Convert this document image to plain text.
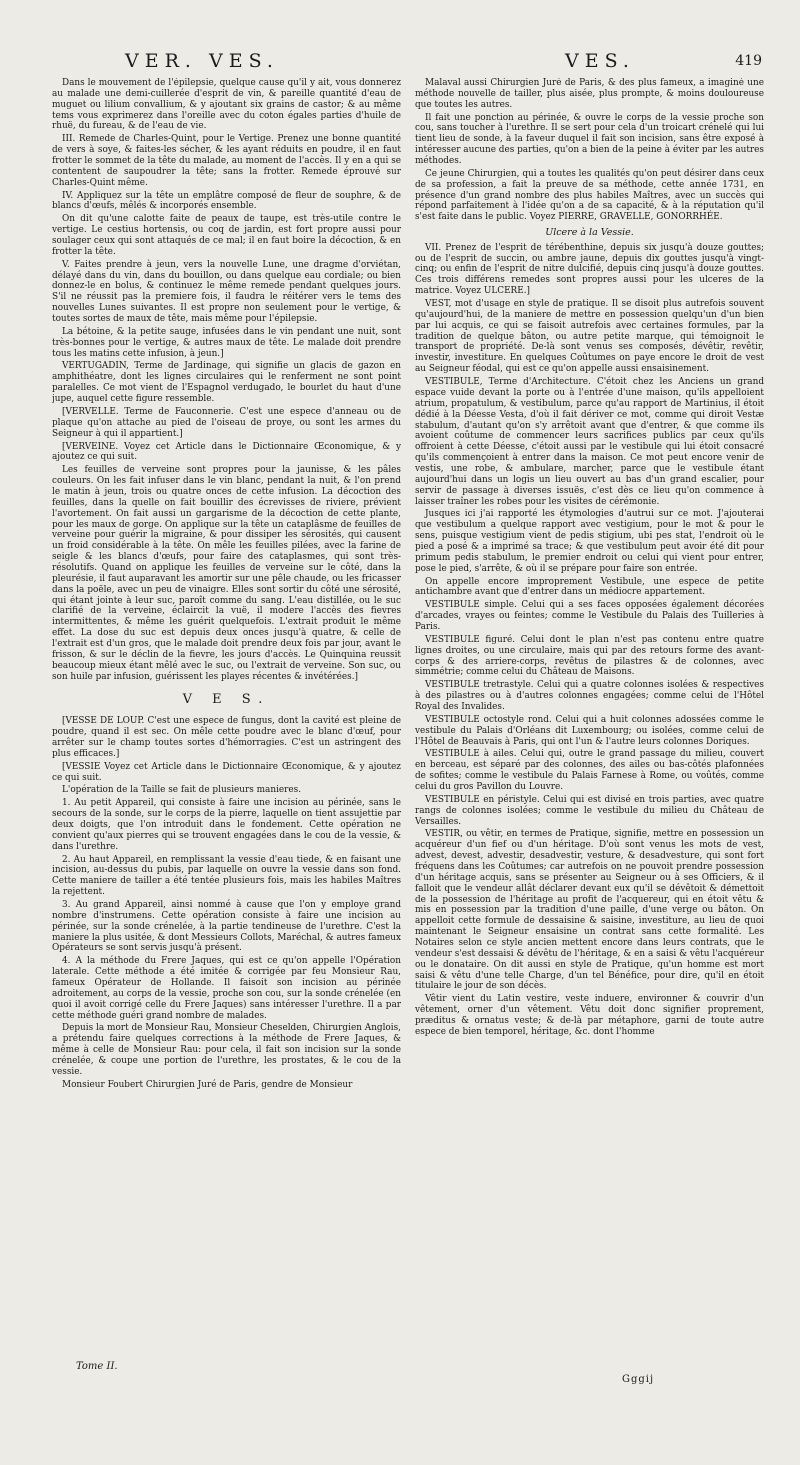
VER. VES.	VES.	419

Dans le mouvement de l'épilepsie, quelque cause qu'il y ait, vous donnerez au malade une demi-cuillerée d'esprit de vin, & pareille quantité d'eau de muguet ou lilium convallium, & y ajoutant six grains de castor; & au même tems vous exprimerez dans l'oreille avec du coton égales parties d'huile de rhuë, du fureau, & de l'eau de vie.

III. Remede de Charles-Quint, pour le Vertige. Prenez une bonne quantité de vers à soye, & faites-les sécher, & les ayant réduits en poudre, il en faut frotter le sommet de la tête du malade, au moment de l'accès. Il y en a qui se contentent de saupoudrer la tête; sans la frotter. Remede éprouvé sur Charles-Quint même.

IV. Appliquez sur la tête un emplâtre composé de fleur de souphre, & de blancs d'œufs, mêlés & incorporés ensemble.

On dit qu'une calotte faite de peaux de taupe, est très-utile contre le vertige. Le cestius hortensis, ou coq de jardin, est fort propre aussi pour soulager ceux qui sont attaqués de ce mal; il en faut boire la décoction, & en frotter la tête.

V. Faites prendre à jeun, vers la nouvelle Lune, une dragme d'orviétan, délayé dans du vin, dans du bouillon, ou dans quelque eau cordiale; ou bien donnez-le en bolus, & continuez le même remede pendant quelques jours. S'il ne réussit pas la premiere fois, il faudra le réitérer vers le tems des nouvelles Lunes suivantes. Il est propre non seulement pour le vertige, & toutes sortes de maux de tête, mais même pour l'épilepsie.

La bétoine, & la petite sauge, infusées dans le vin pendant une nuit, sont très-bonnes pour le vertige, & autres maux de tête. Le malade doit prendre tous les matins cette infusion, à jeun.]

VERTUGADIN, Terme de Jardinage, qui signifie un glacis de gazon en amphithéatre, dont les lignes circulaires qui le renferment ne sont point paralelles. Ce mot vient de l'Espagnol verdugado, le bourlet du haut d'une jupe, auquel cette figure ressemble.

[VERVELLE. Terme de Fauconnerie. C'est une espece d'anneau ou de plaque qu'on attache au pied de l'oiseau de proye, ou sont les armes du Seigneur à qui il appartient.]

[VERVEINE. Voyez cet Article dans le Dictionnaire Œconomique, & y ajoutez ce qui suit.

Les feuilles de verveine sont propres pour la jaunisse, & les pâles couleurs. On les fait infuser dans le vin blanc, pendant la nuit, & l'on prend le matin à jeun, trois ou quatre onces de cette infusion. La décoction des feuilles, dans la quelle on fait bouillir des écrevisses de riviere, prévient l'avortement. On fait aussi un gargarisme de la décoction de cette plante, pour les maux de gorge. On applique sur la tête un cataplâsme de feuilles de verveine pour guérir la migraine, & pour dissiper les sérosités, qui causent un froid considérable à la tête. On mêle les feuilles pilées, avec la farine de seigle & les blancs d'œufs, pour faire des cataplasmes, qui sont très-résolutifs. Quand on applique les feuilles de verveine sur le côté, dans la pleurésie, il faut auparavant les amortir sur une pêle chaude, ou les fricasser dans la poële, avec un peu de vinaigre. Elles sont sortir du côté une sérosité, qui étant jointe à leur suc, paroît comme du sang. L'eau distillée, ou le suc clarifié de la verveine, éclaircit la vuë, il modere l'accès des fievres intermittentes, & même les guérit quelquefois. L'extrait produit le même effet. La dose du suc est depuis deux onces jusqu'à quatre, & celle de l'extrait est d'un gros, que le malade doit prendre deux fois par jour, avant le frisson, & sur le déclin de la fievre, les jours d'accès. Le Quinquina reussit beaucoup mieux étant mêlé avec le suc, ou l'extrait de verveine. Son suc, ou son huile par infusion, guérissent les playes récentes & invétérées.]

V E S.

[VESSE DE LOUP. C'est une espece de fungus, dont la cavité est pleine de poudre, quand il est sec. On mêle cette poudre avec le blanc d'œuf, pour arrêter sur le champ toutes sortes d'hémorragies. C'est un astringent des plus efficaces.]

[VESSIE Voyez cet Article dans le Dictionnaire Œconomique, & y ajoutez ce qui suit.

L'opération de la Taille se fait de plusieurs manieres.

1. Au petit Appareil, qui consiste à faire une incision au périnée, sans le secours de la sonde, sur le corps de la pierre, laquelle on tient assujettie par deux doigts, que l'on introduit dans le fondement. Cette opération ne convient qu'aux pierres qui se trouvent engagées dans le cou de la vessie, & dans l'urethre.

2. Au haut Appareil, en remplissant la vessie d'eau tiede, & en faisant une incision, au-dessus du pubis, par laquelle on ouvre la vessie dans son fond. Cette maniere de tailler a été tentée plusieurs fois, mais les habiles Maîtres la rejettent.

3. Au grand Appareil, ainsi nommé à cause que l'on y employe grand nombre d'instrumens. Cette opération consiste à faire une incision au périnée, sur la sonde crénelée, à la partie tendineuse de l'urethre. C'est la maniere la plus usitée, & dont Messieurs Collots, Maréchal, & autres fameux Opérateurs se sont servis jusqu'à présent.

4. A la méthode du Frere Jaques, qui est ce qu'on appelle l'Opération laterale. Cette méthode a été imitée & corrigée par feu Monsieur Rau, fameux Opérateur de Hollande. Il faisoit son incision au périnée adroitement, au corps de la vessie, proche son cou, sur la sonde crénelée (en quoi il avoit corrigé celle du Frere Jaques) sans intéresser l'urethre. Il a par cette méthode guéri grand nombre de malades.

Depuis la mort de Monsieur Rau, Monsieur Cheselden, Chirurgien Anglois, a prétendu faire quelques corrections à la méthode de Frere Jaques, & même à celle de Monsieur Rau: pour cela, il fait son incision sur la sonde crénelée, & coupe une portion de l'urethre, les prostates, & le cou de la vessie.

Monsieur Foubert Chirurgien Juré de Paris, gendre de Monsieur

Malaval aussi Chirurgien Juré de Paris, & des plus fameux, a imaginé une méthode nouvelle de tailler, plus aisée, plus prompte, & moins douloureuse que toutes les autres.

Il fait une ponction au périnée, & ouvre le corps de la vessie proche son cou, sans toucher à l'urethre. Il se sert pour cela d'un troicart crénelé qui lui tient lieu de sonde, à la faveur duquel il fait son incision, sans être exposé à intéresser aucune des parties, qu'on a bien de la peine à éviter par les autres méthodes.

Ce jeune Chirurgien, qui a toutes les qualités qu'on peut désirer dans ceux de sa profession, a fait la preuve de sa méthode, cette année 1731, en présence d'un grand nombre des plus habiles Maîtres, avec un succès qui répond parfaitement à l'idée qu'on a de sa capacité, & à la réputation qu'il s'est faite dans le public. Voyez PIERRE, GRAVELLE, GONORRHÉE.

Ulcere à la Vessie.

VII. Prenez de l'esprit de térébenthine, depuis six jusqu'à douze gouttes; ou de l'esprit de succin, ou ambre jaune, depuis dix gouttes jusqu'à vingt-cinq; ou enfin de l'esprit de nitre dulcifié, depuis cinq jusqu'à douze gouttes. Ces trois différens remedes sont propres aussi pour les ulceres de la matrice. Voyez ULCERE.]

VEST, mot d'usage en style de pratique. Il se disoit plus autrefois souvent qu'aujourd'hui, de la maniere de mettre en possession quelqu'un d'un bien par lui acquis, ce qui se faisoit autrefois avec certaines formules, par la tradition de quelque bâton, ou autre petite marque, qui témoignoit le transport de propriété. De-là sont venus ses composés, dévêtir, revêtir, investir, investiture. En quelques Coûtumes on paye encore le droit de vest au Seigneur féodal, qui est ce qu'on appelle aussi ensaisinement.

VESTIBULE, Terme d'Architecture. C'étoit chez les Anciens un grand espace vuide devant la porte ou à l'entrée d'une maison, qu'ils appelloient atrium, propatulum, & vestibulum, parce qu'au rapport de Martinius, il étoit dédié à la Déesse Vesta, d'où il fait dériver ce mot, comme qui diroit Vestæ stabulum, d'autant qu'on s'y arrêtoit avant que d'entrer, & que comme ils avoient coûtume de commencer leurs sacrifices publics par ceux qu'ils offroient à cette Déesse, c'étoit aussi par le vestibule qui lui étoit consacré qu'ils commençoient à entrer dans la maison. Ce mot peut encore venir de vestis, une robe, & ambulare, marcher, parce que le vestibule étant aujourd'hui dans un logis un lieu ouvert au bas d'un grand escalier, pour servir de passage à diverses issuës, c'est dès ce lieu qu'on commence à laisser traîner les robes pour les visites de cérémonie.

Jusques ici j'ai rapporté les étymologies d'autrui sur ce mot. J'ajouterai que vestibulum a quelque rapport avec vestigium, pour le mot & pour le sens, puisque vestigium vient de pedis stigium, ubi pes stat, l'endroit où le pied a posé & a imprimé sa trace; & que vestibulum peut avoir été dit pour primum pedis stabulum, le premier endroit ou celui qui vient pour entrer, pose le pied, s'arrête, & où il se prépare pour faire son entrée.

On appelle encore improprement Vestibule, une espece de petite antichambre avant que d'entrer dans un médiocre appartement.

VESTIBULE simple. Celui qui a ses faces opposées également décorées d'arcades, vrayes ou feintes; comme le Vestibule du Palais des Tuilleries à Paris.

VESTIBULE figuré. Celui dont le plan n'est pas contenu entre quatre lignes droites, ou une circulaire, mais qui par des retours forme des avant-corps & des arriere-corps, revêtus de pilastres & de colonnes, avec simmétrie; comme celui du Château de Maisons.

VESTIBULE tretrastyle. Celui qui a quatre colonnes isolées & respectives à des pilastres ou à d'autres colonnes engagées; comme celui de l'Hôtel Royal des Invalides.

VESTIBULE octostyle rond. Celui qui a huit colonnes adossées comme le vestibule du Palais d'Orléans dit Luxembourg; ou isolées, comme celui de l'Hôtel de Beauvais à Paris, qui ont l'un & l'autre leurs colonnes Doriques.

VESTIBULE à ailes. Celui qui, outre le grand passage du milieu, couvert en berceau, est séparé par des colonnes, des ailes ou bas-côtés plafonnées de sofites; comme le vestibule du Palais Farnese à Rome, ou voûtés, comme celui du gros Pavillon du Louvre.

VESTIBULE en péristyle. Celui qui est divisé en trois parties, avec quatre rangs de colonnes isolées; comme le vestibule du milieu du Château de Versailles.

VESTIR, ou vêtir, en termes de Pratique, signifie, mettre en possession un acquéreur d'un fief ou d'un héritage. D'où sont venus les mots de vest, advest, devest, advestir, desadvestir, vesture, & desadvesture, qui sont fort fréquens dans les Coûtumes; car autrefois on ne pouvoit prendre possession d'un héritage acquis, sans se présenter au Seigneur ou à ses Officiers, & il falloit que le vendeur allât déclarer devant eux qu'il se dévêtoit & démettoit de la possession de l'héritage au profit de l'acquereur, qui en étoit vêtu & mis en possession par la tradition d'une paille, d'une verge ou bâton. On appelloit cette formule de dessaisine & saisine, investiture, au lieu de quoi maintenant le Seigneur ensaisine un contrat sans cette formalité. Les Notaires selon ce style ancien mettent encore dans leurs contrats, que le vendeur s'est dessaisi & dévêtu de l'héritage, & en a saisi & vêtu l'acquéreur ou le donataire. On dit aussi en style de Pratique, qu'un homme est mort saisi & vêtu d'une telle Charge, d'un tel Bénéfice, pour dire, qu'il en étoit titulaire le jour de son décès.

Vêtir vient du Latin vestire, veste induere, environner & couvrir d'un vêtement, orner d'un vêtement. Vêtu doit donc signifier proprement, præditus & ornatus veste; & de-là par métaphore, garni de toute autre espece de bien temporel, héritage, &c. dont l'homme

Tome II.
Gggij
